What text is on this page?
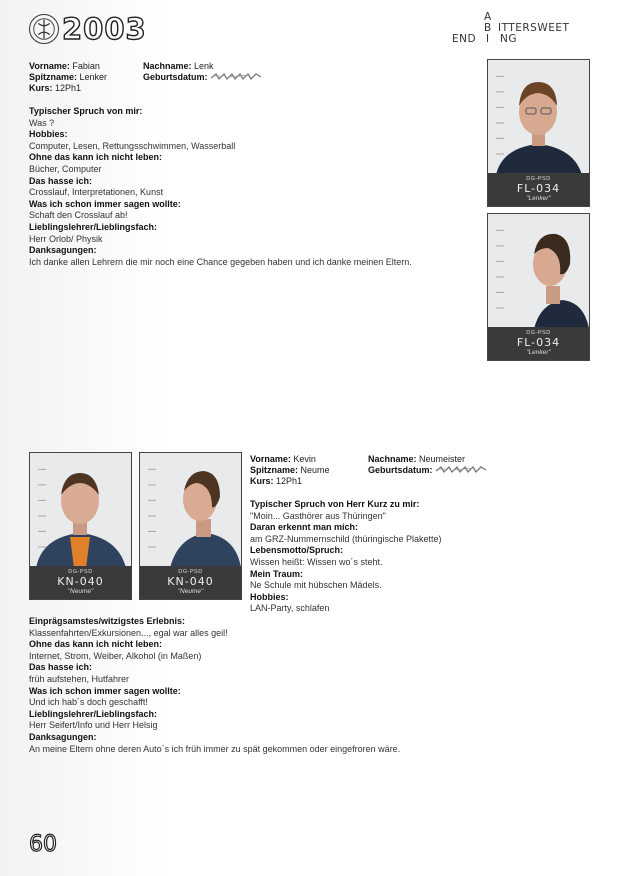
2003	A
B ITTERSWEET
END I NG
Vorname: Fabian	Nachname: Lenk
Spitzname: Lenker	Geburtsdatum:
Kurs: 12Ph1
Typischer Spruch von mir:
Was ?
Hobbies:
Computer, Lesen, Rettungsschwimmen, Wasserball
Ohne das kann ich nicht leben:
Bücher, Computer
Das hasse ich:
Crosslauf, Interpretationen, Kunst
Was ich schon immer sagen wollte:
Schaft den Crosslauf ab!
Lieblingslehrer/Lieblingsfach:
Herr Orlob/ Physik
Danksagungen:
Ich danke allen Lehrern die mir noch eine Chance gegeben haben und ich danke meinen Eltern.
DG-PSD
FL-034
"Lenker"
DG-PSD
FL-034
"Lenker"
DG-PSD
KN-040
"Neume"
DG-PSD
KN-040
"Neume"
Vorname: Kevin	Nachname: Neumeister
Spitzname: Neume	Geburtsdatum:
Kurs: 12Ph1
Typischer Spruch von Herr Kurz zu mir:
"Moin... Gasthörer aus Thüringen"
Daran erkennt man mich:
am GRZ-Nummernschild (thüringische Plakette)
Lebensmotto/Spruch:
Wissen heißt: Wissen wo´s steht.
Mein Traum:
Ne Schule mit hübschen Mädels.
Hobbies:
LAN-Party, schlafen
Einprägsamstes/witzigstes Erlebnis:
Klassenfahrten/Exkursionen..., egal war alles geil!
Ohne das kann ich nicht leben:
Internet, Strom, Weiber, Alkohol (in Maßen)
Das hasse ich:
früh aufstehen, Hutfahrer
Was ich schon immer sagen wollte:
Und ich hab´s doch geschafft!
Lieblingslehrer/Lieblingsfach:
Herr Seifert/Info und Herr Helsig
Danksagungen:
An meine Eltern ohne deren Auto`s ich früh immer zu spät gekommen oder eingefroren wäre.
60
